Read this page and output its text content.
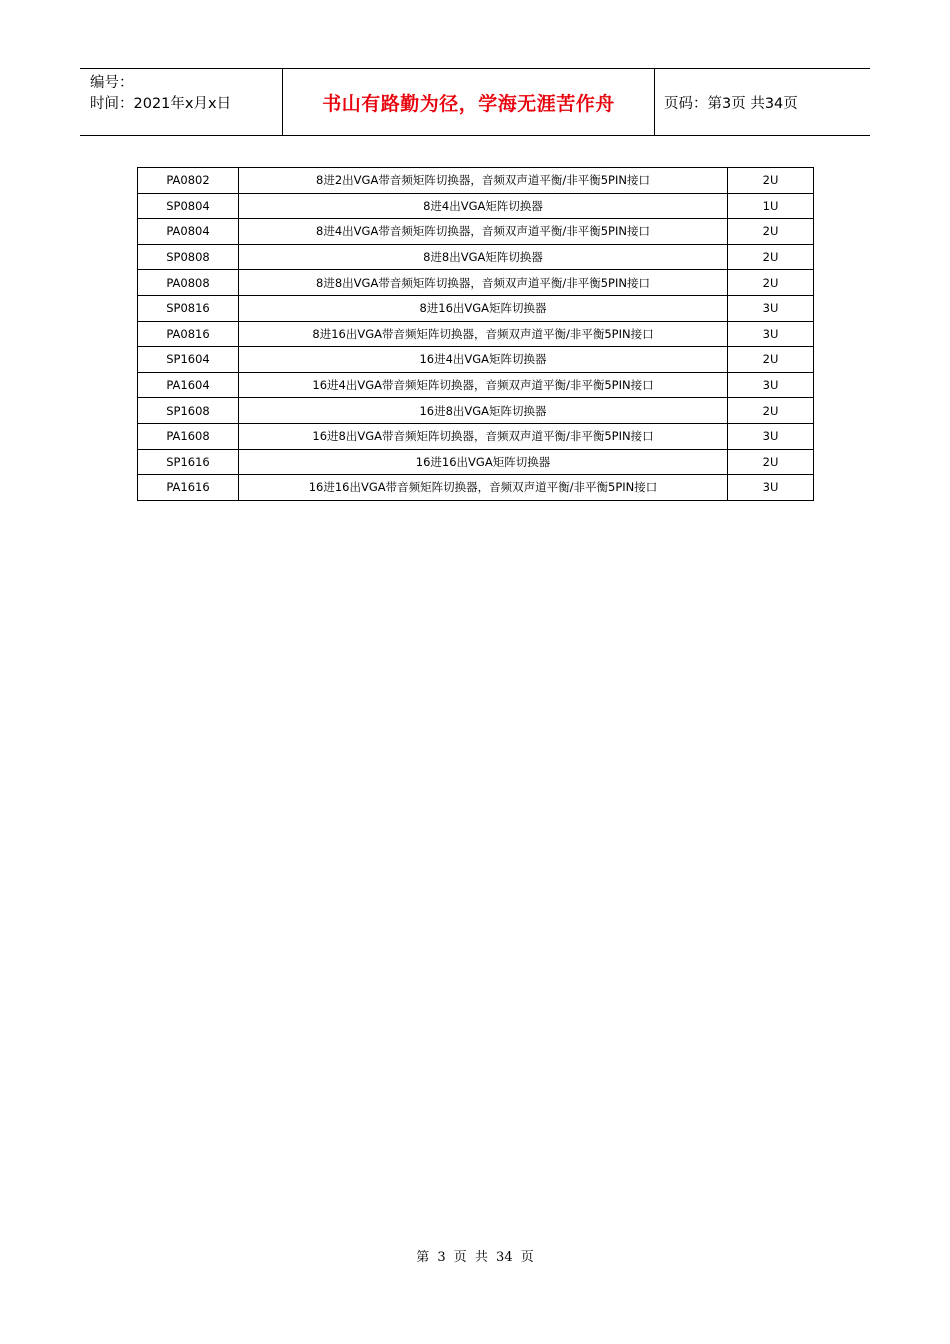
编号：
时间：2021年x月x日	书山有路勤为径，学海无涯苦作舟	页码：第3页 共34页
PA0802	8进2出VGA带音频矩阵切换器，音频双声道平衡/非平衡5PIN接口	2U
SP0804	8进4出VGA矩阵切换器	1U
PA0804	8进4出VGA带音频矩阵切换器，音频双声道平衡/非平衡5PIN接口	2U
SP0808	8进8出VGA矩阵切换器	2U
PA0808	8进8出VGA带音频矩阵切换器，音频双声道平衡/非平衡5PIN接口	2U
SP0816	8进16出VGA矩阵切换器	3U
PA0816	8进16出VGA带音频矩阵切换器，音频双声道平衡/非平衡5PIN接口	3U
SP1604	16进4出VGA矩阵切换器	2U
PA1604	16进4出VGA带音频矩阵切换器，音频双声道平衡/非平衡5PIN接口	3U
SP1608	16进8出VGA矩阵切换器	2U
PA1608	16进8出VGA带音频矩阵切换器，音频双声道平衡/非平衡5PIN接口	3U
SP1616	16进16出VGA矩阵切换器	2U
PA1616	16进16出VGA带音频矩阵切换器，音频双声道平衡/非平衡5PIN接口	3U
第 3 页 共 34 页
